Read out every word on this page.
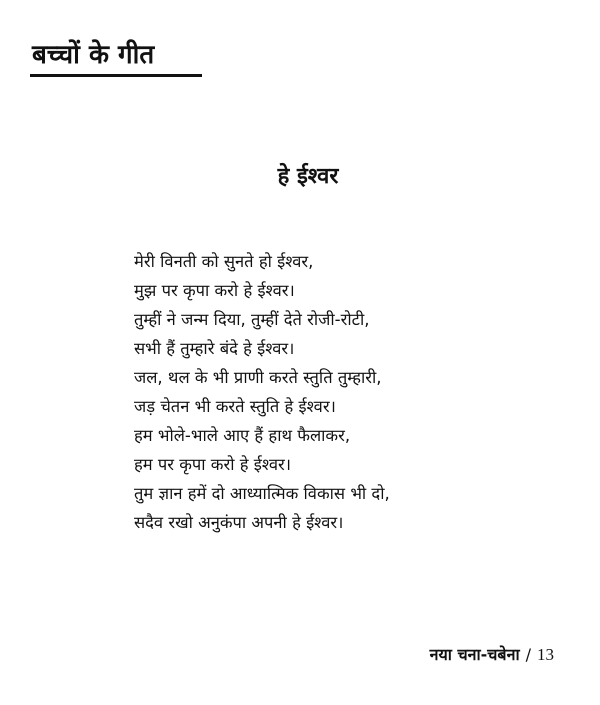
बच्चों के गीत
हे ईश्वर
मेरी विनती को सुनते हो ईश्वर,
मुझ पर कृपा करो हे ईश्वर।
तुम्हीं ने जन्म दिया, तुम्हीं देते रोजी-रोटी,
सभी हैं तुम्हारे बंदे हे ईश्वर।
जल, थल के भी प्राणी करते स्तुति तुम्हारी,
जड़ चेतन भी करते स्तुति हे ईश्वर।
हम भोले-भाले आए हैं हाथ फैलाकर,
हम पर कृपा करो हे ईश्वर।
तुम ज्ञान हमें दो आध्यात्मिक विकास भी दो,
सदैव रखो अनुकंपा अपनी हे ईश्वर।
नया चना-चबेना / 13
